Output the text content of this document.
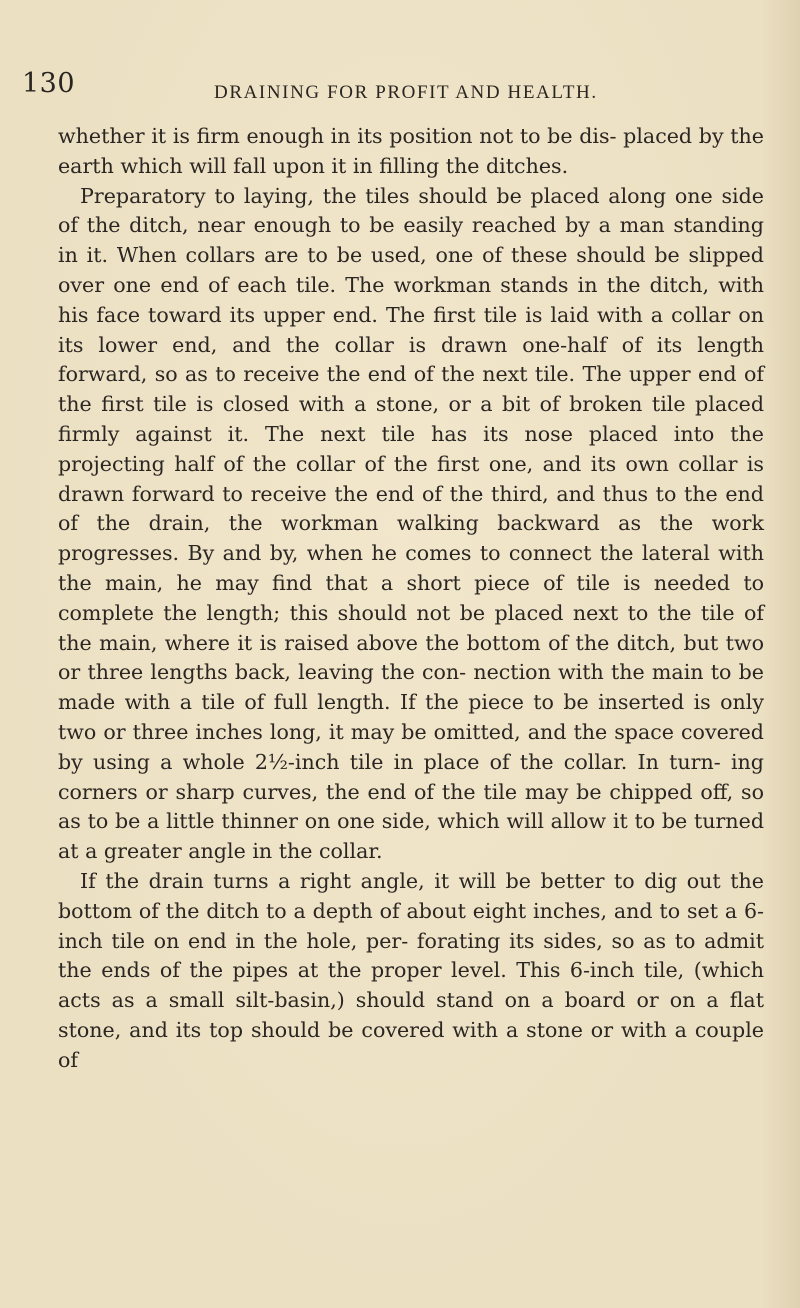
130	DRAINING FOR PROFIT AND HEALTH.

whether it is firm enough in its position not to be dis- placed by the earth which will fall upon it in filling the ditches.

Preparatory to laying, the tiles should be placed along one side of the ditch, near enough to be easily reached by a man standing in it. When collars are to be used, one of these should be slipped over one end of each tile. The workman stands in the ditch, with his face toward its upper end. The first tile is laid with a collar on its lower end, and the collar is drawn one-half of its length forward, so as to receive the end of the next tile. The upper end of the first tile is closed with a stone, or a bit of broken tile placed firmly against it. The next tile has its nose placed into the projecting half of the collar of the first one, and its own collar is drawn forward to receive the end of the third, and thus to the end of the drain, the workman walking backward as the work progresses. By and by, when he comes to connect the lateral with the main, he may find that a short piece of tile is needed to complete the length; this should not be placed next to the tile of the main, where it is raised above the bottom of the ditch, but two or three lengths back, leaving the con- nection with the main to be made with a tile of full length. If the piece to be inserted is only two or three inches long, it may be omitted, and the space covered by using a whole 2½-inch tile in place of the collar. In turn- ing corners or sharp curves, the end of the tile may be chipped off, so as to be a little thinner on one side, which will allow it to be turned at a greater angle in the collar.

If the drain turns a right angle, it will be better to dig out the bottom of the ditch to a depth of about eight inches, and to set a 6-inch tile on end in the hole, per- forating its sides, so as to admit the ends of the pipes at the proper level. This 6-inch tile, (which acts as a small silt-basin,) should stand on a board or on a flat stone, and its top should be covered with a stone or with a couple of
